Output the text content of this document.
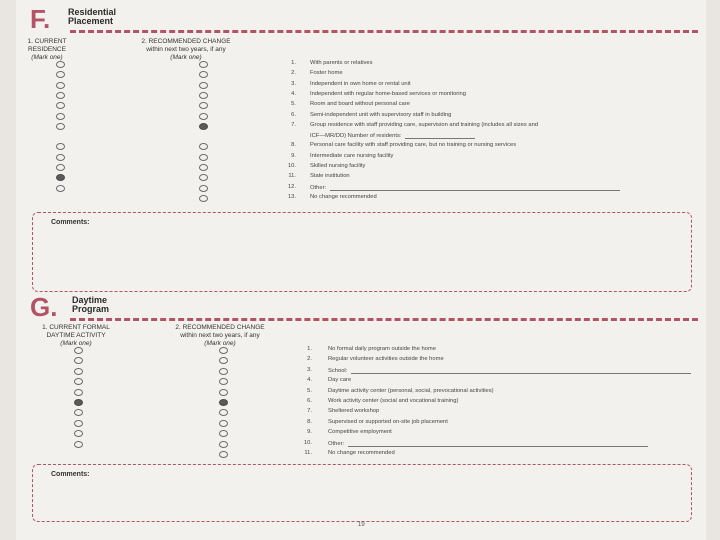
F. Residential
Placement
1. CURRENT
RESIDENCE
(Mark one)
2. RECOMMENDED CHANGE
within next two years, if any
(Mark one)
1. With parents or relatives
2. Foster home
3. Independent in own home or rental unit
4. Independent with regular home-based services or monitoring
5. Room and board without personal care
6. Semi-independent unit with supervisory staff in building
7. Group residence with staff providing care, supervision and training (includes all sizes and
ICF—MR/DD) Number of residents:
8. Personal care facility with staff providing care, but no training or nursing services
9. Intermediate care nursing facility
10. Skilled nursing facility
11. State institution
12. Other:
13. No change recommended
Comments:
G. Daytime
Program
1. CURRENT FORMAL
DAYTIME ACTIVITY
(Mark one)
2. RECOMMENDED CHANGE
within next two years, if any
(Mark one)
1.	No formal daily program outside the home
2.	Regular volunteer activities outside the home
3.	School:
4.	Day care
5.	Daytime activity center (personal, social, prevocational activities)
6.	Work activity center (social and vocational training)
7.	Sheltered workshop
8.	Supervised or supported on-site job placement
9.	Competitive employment
10.	Other:
11.	No change recommended
Comments:
19
